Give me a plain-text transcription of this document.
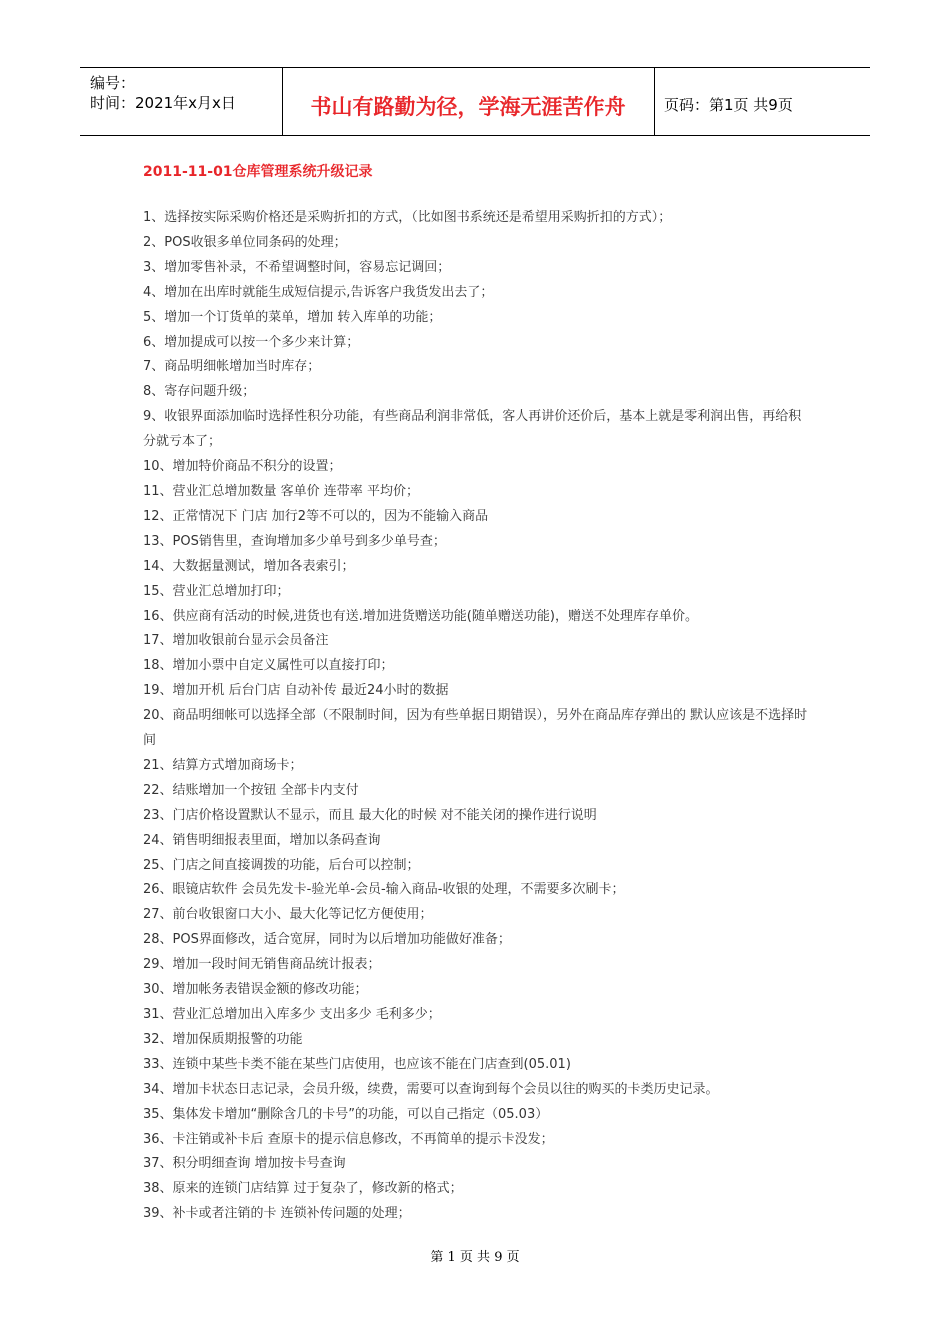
编号：
时间：2021年x月x日	书山有路勤为径，学海无涯苦作舟	页码：第1页 共9页
2011-11-01仓库管理系统升级记录
1、选择按实际采购价格还是采购折扣的方式，（比如图书系统还是希望用采购折扣的方式）；
2、POS收银多单位同条码的处理；
3、增加零售补录，不希望调整时间，容易忘记调回；
4、增加在出库时就能生成短信提示,告诉客户我货发出去了；
5、增加一个订货单的菜单，增加 转入库单的功能；
6、增加提成可以按一个多少来计算；
7、商品明细帐增加当时库存；
8、寄存问题升级；
9、收银界面添加临时选择性积分功能，有些商品利润非常低，客人再讲价还价后，基本上就是零利润出售，再给积分就亏本了；
10、增加特价商品不积分的设置；
11、营业汇总增加数量 客单价 连带率 平均价；
12、正常情况下 门店 加行2等不可以的，因为不能输入商品
13、POS销售里，查询增加多少单号到多少单号查；
14、大数据量测试，增加各表索引；
15、营业汇总增加打印；
16、供应商有活动的时候,进货也有送.增加进货赠送功能(随单赠送功能)，赠送不处理库存单价。
17、增加收银前台显示会员备注
18、增加小票中自定义属性可以直接打印；
19、增加开机 后台门店 自动补传 最近24小时的数据
20、商品明细帐可以选择全部（不限制时间，因为有些单据日期错误），另外在商品库存弹出的 默认应该是不选择时间
21、结算方式增加商场卡；
22、结账增加一个按钮 全部卡内支付
23、门店价格设置默认不显示，而且 最大化的时候 对不能关闭的操作进行说明
24、销售明细报表里面，增加以条码查询
25、门店之间直接调拨的功能，后台可以控制；
26、眼镜店软件 会员先发卡-验光单-会员-输入商品-收银的处理，不需要多次刷卡；
27、前台收银窗口大小、最大化等记忆方便使用；
28、POS界面修改，适合宽屏，同时为以后增加功能做好准备；
29、增加一段时间无销售商品统计报表；
30、增加帐务表错误金额的修改功能；
31、营业汇总增加出入库多少 支出多少 毛利多少；
32、增加保质期报警的功能
33、连锁中某些卡类不能在某些门店使用，也应该不能在门店查到(05.01)
34、增加卡状态日志记录，会员升级，续费，需要可以查询到每个会员以往的购买的卡类历史记录。
35、集体发卡增加“删除含几的卡号”的功能，可以自己指定（05.03）
36、卡注销或补卡后 查原卡的提示信息修改，不再简单的提示卡没发；
37、积分明细查询 增加按卡号查询
38、原来的连锁门店结算 过于复杂了，修改新的格式；
39、补卡或者注销的卡 连锁补传问题的处理；
第 1 页 共 9 页
